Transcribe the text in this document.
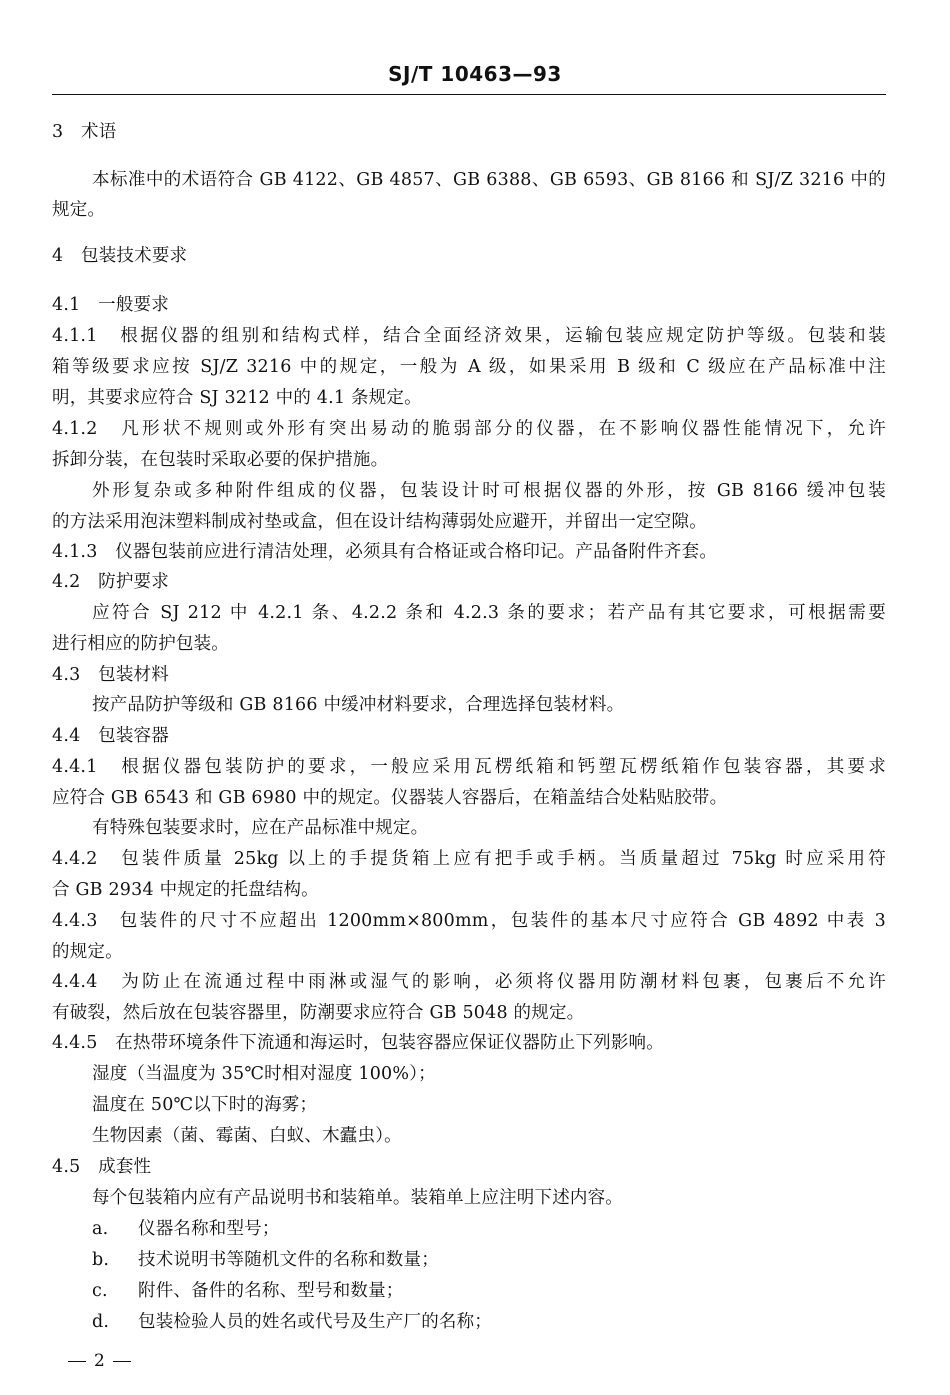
SJ/T 10463—93
3　术语
本标准中的术语符合 GB 4122、GB 4857、GB 6388、GB 6593、GB 8166 和 SJ/Z 3216 中的
规定。
4　包装技术要求
4.1　一般要求
4.1.1　根据仪器的组别和结构式样，结合全面经济效果，运输包装应规定防护等级。包装和装
箱等级要求应按 SJ/Z 3216 中的规定，一般为 A 级，如果采用 B 级和 C 级应在产品标准中注
明，其要求应符合 SJ 3212 中的 4.1 条规定。
4.1.2　凡形状不规则或外形有突出易动的脆弱部分的仪器，在不影响仪器性能情况下，允许
拆卸分装，在包装时采取必要的保护措施。
外形复杂或多种附件组成的仪器，包装设计时可根据仪器的外形，按 GB 8166 缓冲包装
的方法采用泡沫塑料制成衬垫或盒，但在设计结构薄弱处应避开，并留出一定空隙。
4.1.3　仪器包装前应进行清洁处理，必须具有合格证或合格印记。产品备附件齐套。
4.2　防护要求
应符合 SJ 212 中 4.2.1 条、4.2.2 条和 4.2.3 条的要求；若产品有其它要求，可根据需要
进行相应的防护包装。
4.3　包装材料
按产品防护等级和 GB 8166 中缓冲材料要求，合理选择包装材料。
4.4　包装容器
4.4.1　根据仪器包装防护的要求，一般应采用瓦楞纸箱和钙塑瓦楞纸箱作包装容器，其要求
应符合 GB 6543 和 GB 6980 中的规定。仪器装人容器后，在箱盖结合处粘贴胶带。
有特殊包装要求时，应在产品标准中规定。
4.4.2　包装件质量 25kg 以上的手提货箱上应有把手或手柄。当质量超过 75kg 时应采用符
合 GB 2934 中规定的托盘结构。
4.4.3　包装件的尺寸不应超出 1200mm×800mm，包装件的基本尺寸应符合 GB 4892 中表 3
的规定。
4.4.4　为防止在流通过程中雨淋或湿气的影响，必须将仪器用防潮材料包裹，包裹后不允许
有破裂，然后放在包装容器里，防潮要求应符合 GB 5048 的规定。
4.4.5　在热带环境条件下流通和海运时，包装容器应保证仪器防止下列影响。
湿度（当温度为 35℃时相对湿度 100%）；
温度在 50℃以下时的海雾；
生物因素（菌、霉菌、白蚁、木蠹虫）。
4.5　成套性
每个包装箱内应有产品说明书和装箱单。装箱单上应注明下述内容。
a. 仪器名称和型号；
b. 技术说明书等随机文件的名称和数量；
c. 附件、备件的名称、型号和数量；
d. 包装检验人员的姓名或代号及生产厂的名称；
2
